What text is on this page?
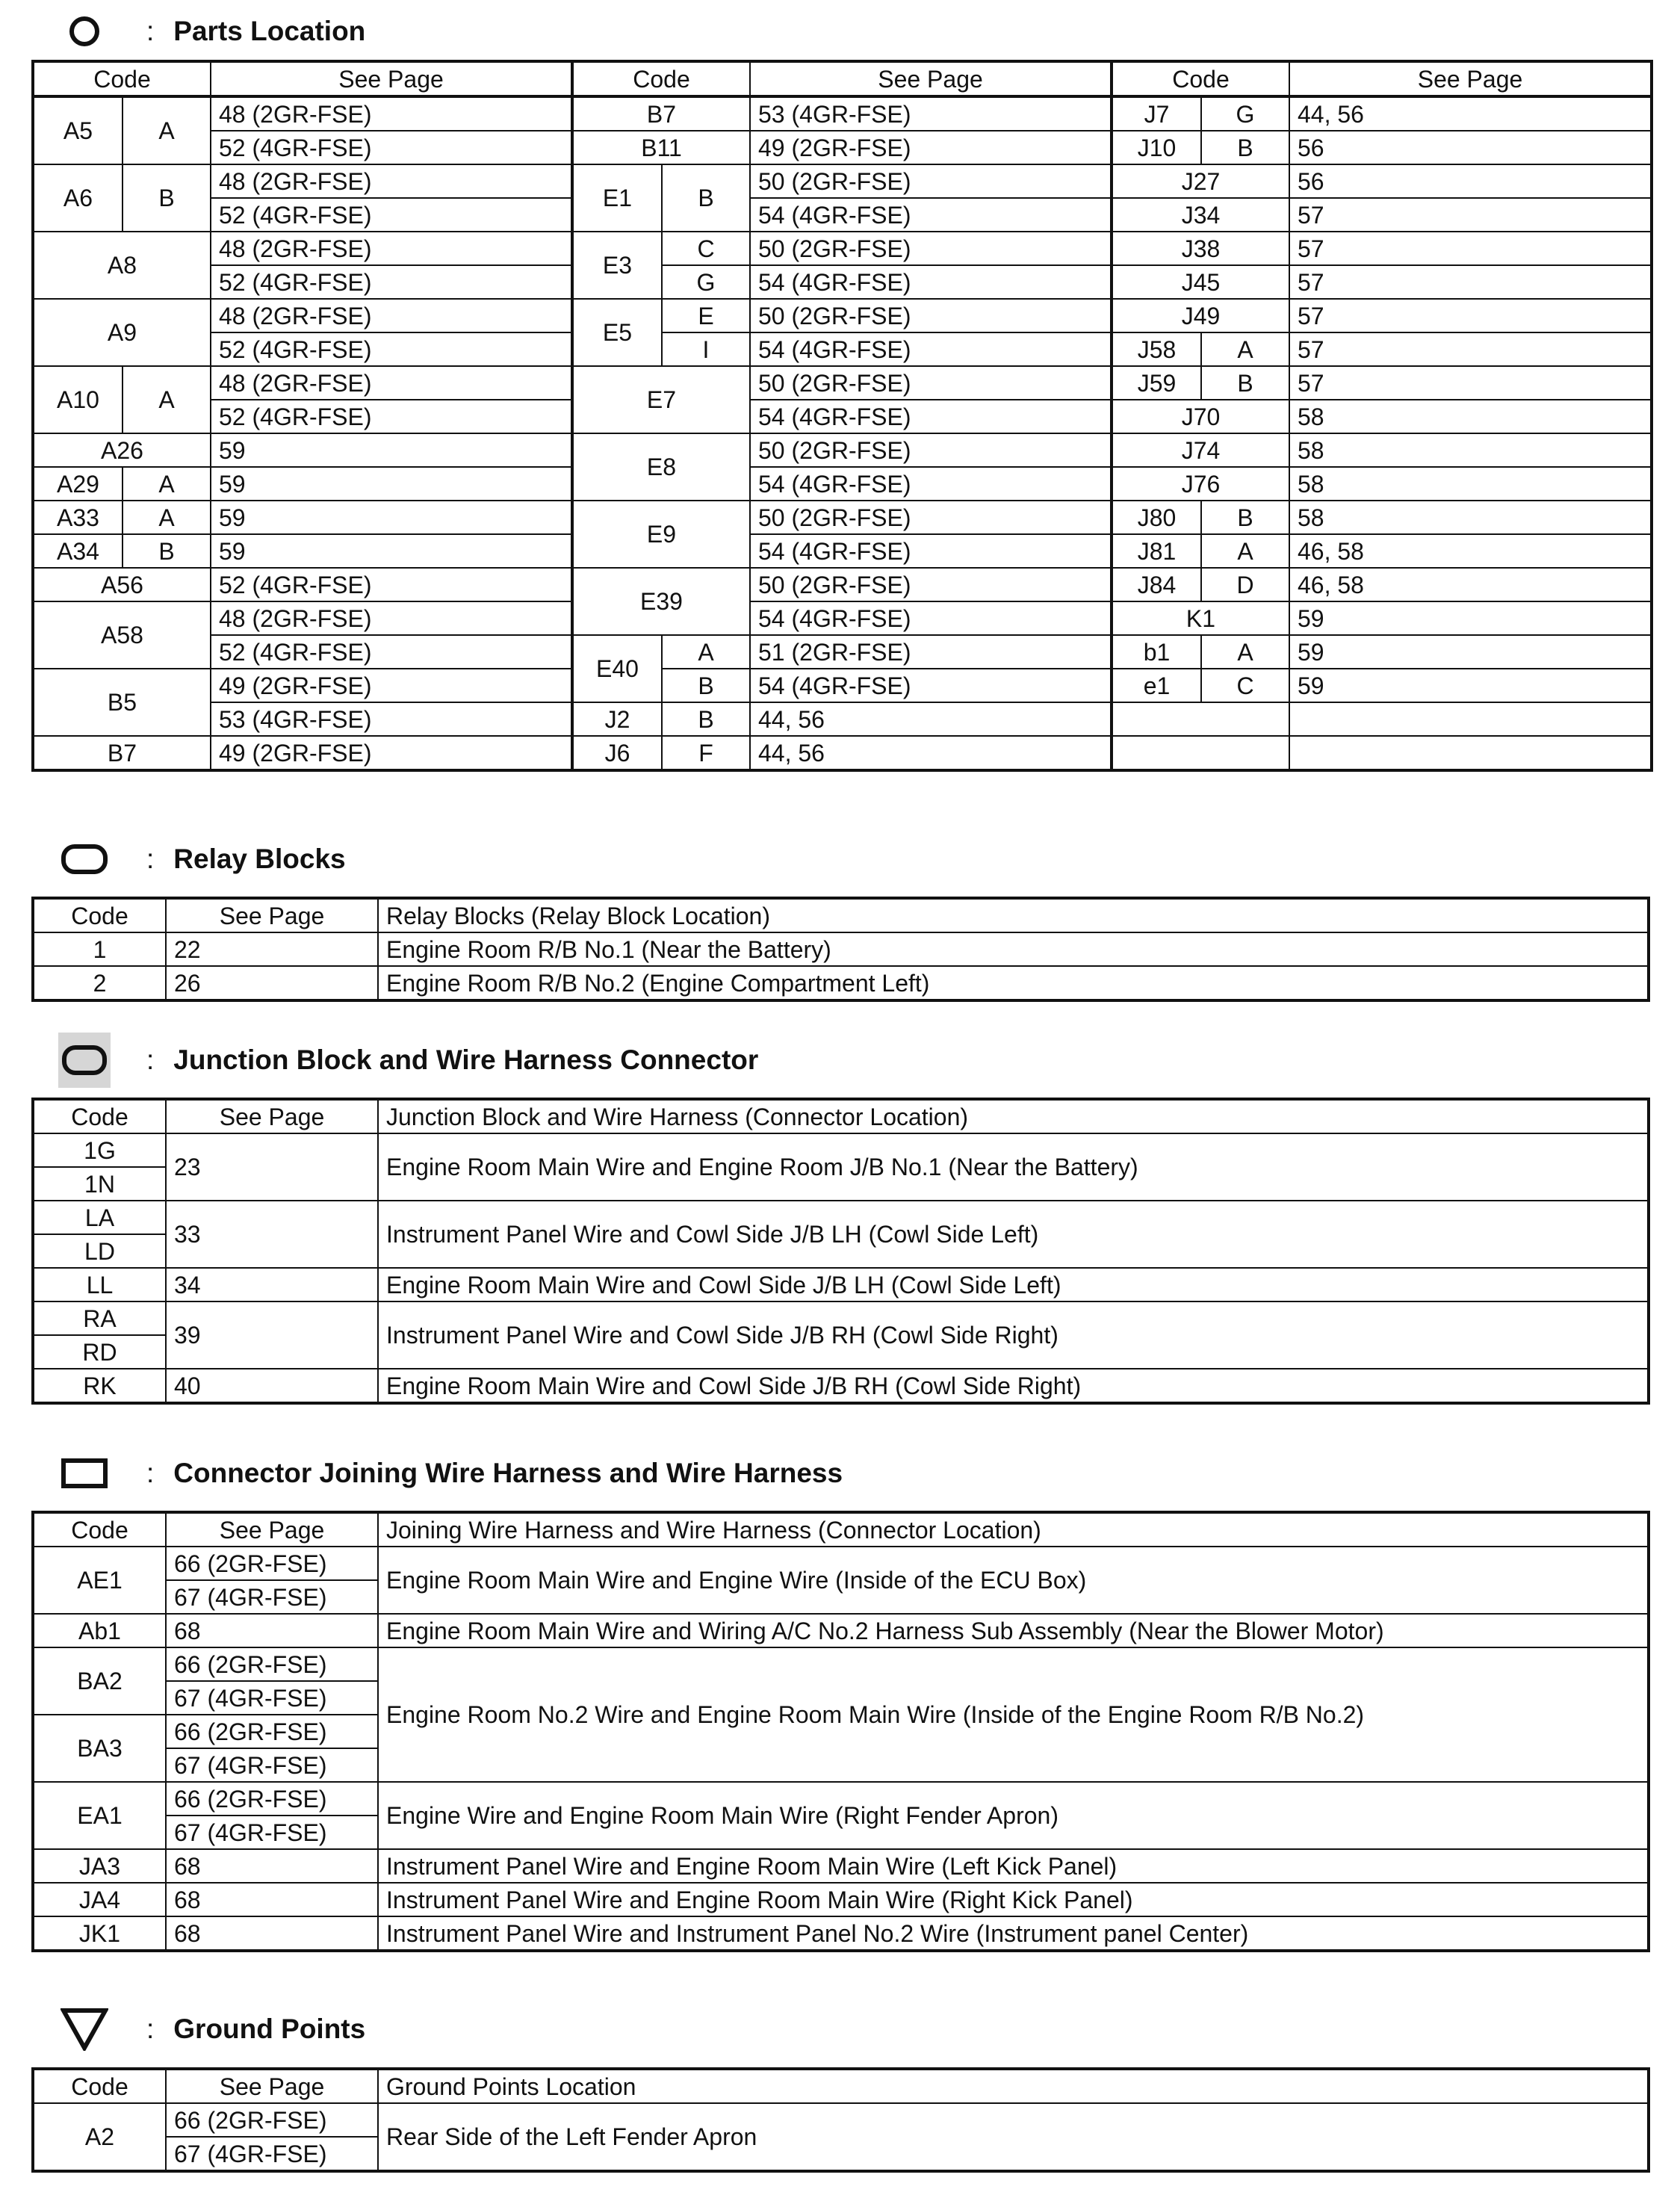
: Parts Location
Code		See Page	Code		See Page	Code		See Page
A5	A	48 (2GR-FSE)	B7		53 (4GR-FSE)	J7	G	44, 56
		52 (4GR-FSE)	B11		49 (2GR-FSE)	J10	B	56
A6	B	48 (2GR-FSE)	E1	B	50 (2GR-FSE)	J27		56
		52 (4GR-FSE)			54 (4GR-FSE)	J34		57
A8		48 (2GR-FSE)	E3	C	50 (2GR-FSE)	J38		57
		52 (4GR-FSE)		G	54 (4GR-FSE)	J45		57
A9		48 (2GR-FSE)	E5	E	50 (2GR-FSE)	J49		57
		52 (4GR-FSE)		I	54 (4GR-FSE)	J58	A	57
A10	A	48 (2GR-FSE)	E7		50 (2GR-FSE)	J59	B	57
		52 (4GR-FSE)			54 (4GR-FSE)	J70		58
A26		59	E8		50 (2GR-FSE)	J74		58
A29	A	59			54 (4GR-FSE)	J76		58
A33	A	59	E9		50 (2GR-FSE)	J80	B	58
A34	B	59			54 (4GR-FSE)	J81	A	46, 58
A56		52 (4GR-FSE)	E39		50 (2GR-FSE)	J84	D	46, 58
A58		48 (2GR-FSE)			54 (4GR-FSE)	K1		59
		52 (4GR-FSE)	E40	A	51 (2GR-FSE)	b1	A	59
B5		49 (2GR-FSE)		B	54 (4GR-FSE)	e1	C	59
		53 (4GR-FSE)	J2	B	44, 56			
B7		49 (2GR-FSE)	J6	F	44, 56			
: Relay Blocks
Code	See Page	Relay Blocks (Relay Block Location)
1	22	Engine Room R/B No.1 (Near the Battery)
2	26	Engine Room R/B No.2 (Engine Compartment Left)
: Junction Block and Wire Harness Connector
Code	See Page	Junction Block and Wire Harness (Connector Location)
1G	23	Engine Room Main Wire and Engine Room J/B No.1 (Near the Battery)
1N		
LA	33	Instrument Panel Wire and Cowl Side J/B LH (Cowl Side Left)
LD		
LL	34	Engine Room Main Wire and Cowl Side J/B LH (Cowl Side Left)
RA	39	Instrument Panel Wire and Cowl Side J/B RH (Cowl Side Right)
RD		
RK	40	Engine Room Main Wire and Cowl Side J/B RH (Cowl Side Right)
: Connector Joining Wire Harness and Wire Harness
Code	See Page	Joining Wire Harness and Wire Harness (Connector Location)
AE1	66 (2GR-FSE)	Engine Room Main Wire and Engine Wire (Inside of the ECU Box)
	67 (4GR-FSE)	
Ab1	68	Engine Room Main Wire and Wiring A/C No.2 Harness Sub Assembly (Near the Blower Motor)
BA2	66 (2GR-FSE)	Engine Room No.2 Wire and Engine Room Main Wire (Inside of the Engine Room R/B No.2)
	67 (4GR-FSE)	
BA3	66 (2GR-FSE)	
	67 (4GR-FSE)	
EA1	66 (2GR-FSE)	Engine Wire and Engine Room Main Wire (Right Fender Apron)
	67 (4GR-FSE)	
JA3	68	Instrument Panel Wire and Engine Room Main Wire (Left Kick Panel)
JA4	68	Instrument Panel Wire and Engine Room Main Wire (Right Kick Panel)
JK1	68	Instrument Panel Wire and Instrument Panel No.2 Wire (Instrument panel Center)
: Ground Points
Code	See Page	Ground Points Location
A2	66 (2GR-FSE)	Rear Side of the Left Fender Apron
	67 (4GR-FSE)	
